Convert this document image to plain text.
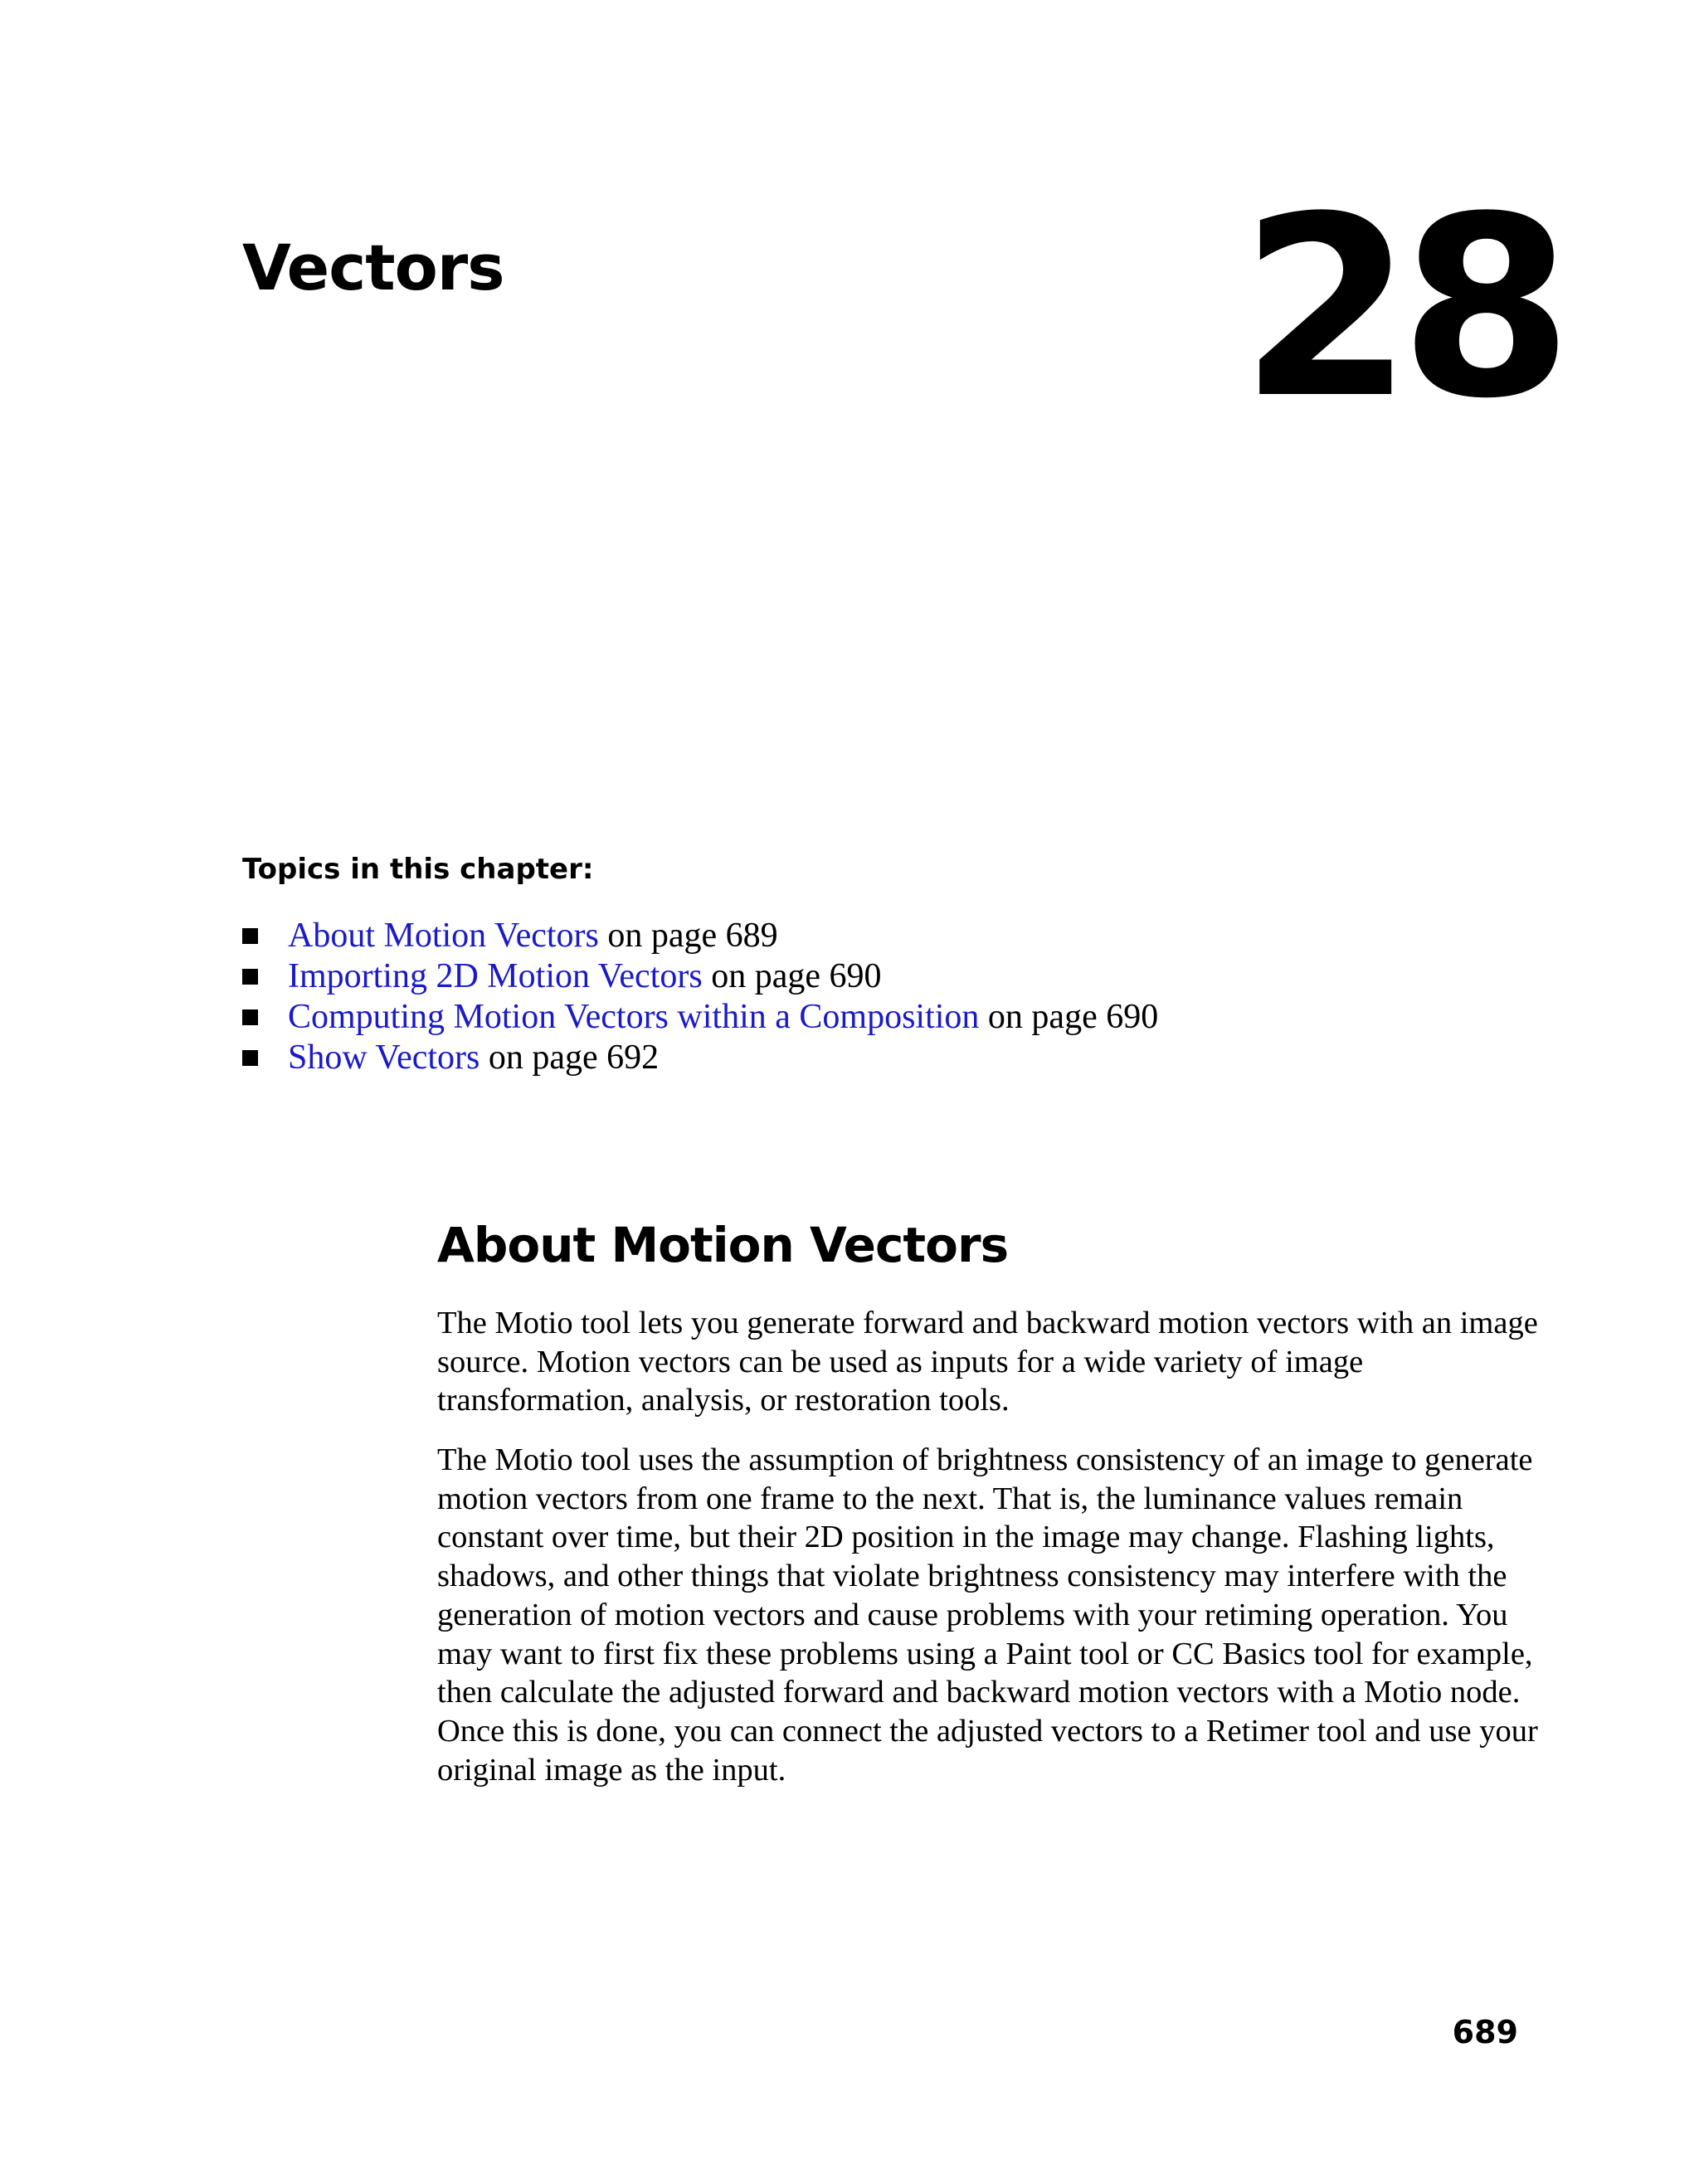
Vectors	28
Topics in this chapter:
About Motion Vectors on page 689
Importing 2D Motion Vectors on page 690
Computing Motion Vectors within a Composition on page 690
Show Vectors on page 692
About Motion Vectors

The Motio tool lets you generate forward and backward motion vectors with an image source. Motion vectors can be used as inputs for a wide variety of image transformation, analysis, or restoration tools.

The Motio tool uses the assumption of brightness consistency of an image to generate motion vectors from one frame to the next. That is, the luminance values remain constant over time, but their 2D position in the image may change. Flashing lights, shadows, and other things that violate brightness consistency may interfere with the generation of motion vectors and cause problems with your retiming operation. You may want to first fix these problems using a Paint tool or CC Basics tool for example, then calculate the adjusted forward and backward motion vectors with a Motio node. Once this is done, you can connect the adjusted vectors to a Retimer tool and use your original image as the input.

689
